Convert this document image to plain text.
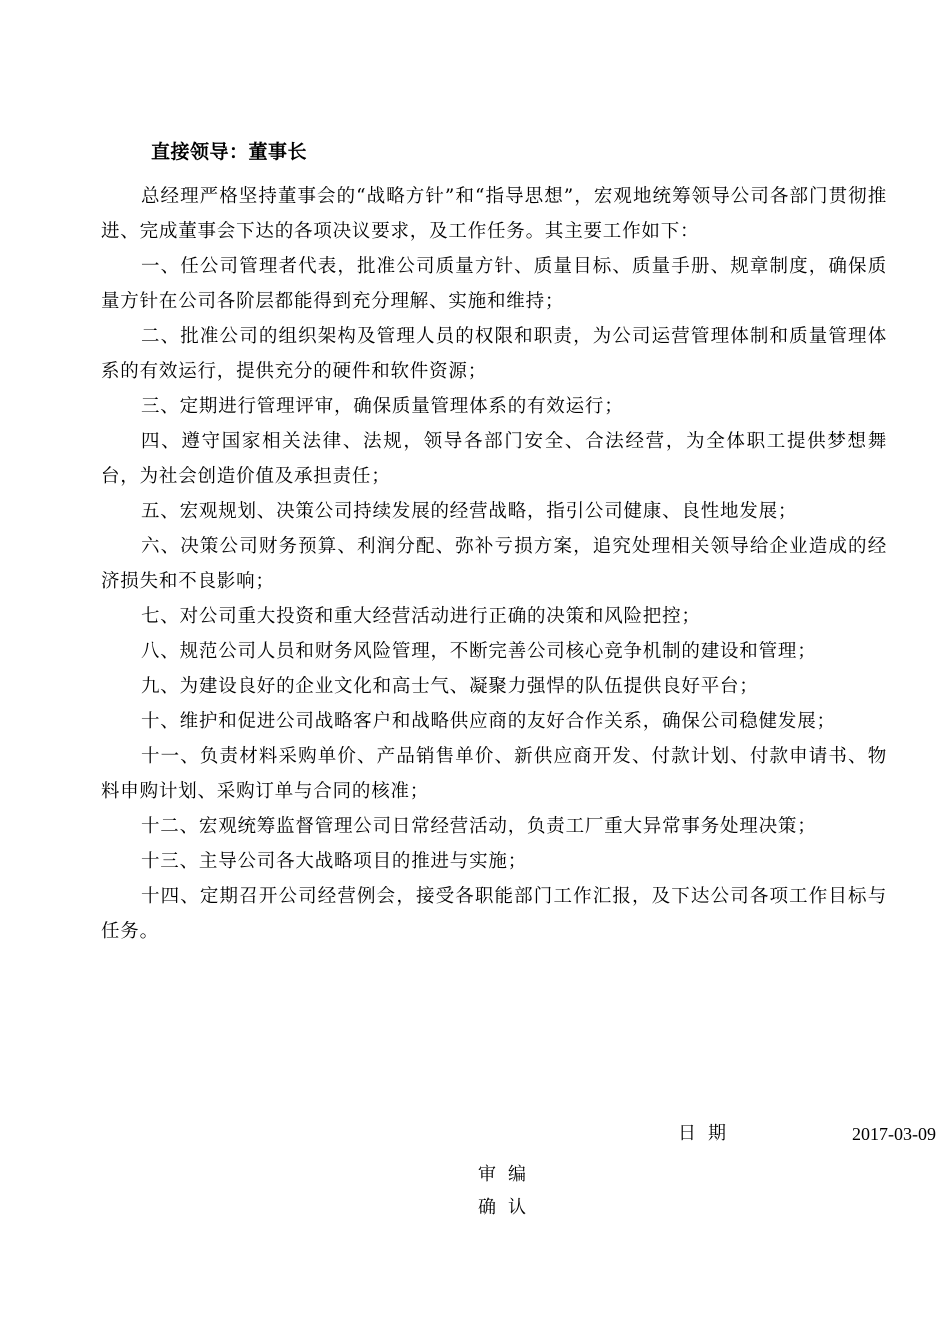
直接领导：董事长

总经理严格坚持董事会的“战略方针”和“指导思想”，宏观地统筹领导公司各部门贯彻推进、完成董事会下达的各项决议要求，及工作任务。其主要工作如下：

一、任公司管理者代表，批准公司质量方针、质量目标、质量手册、规章制度，确保质量方针在公司各阶层都能得到充分理解、实施和维持；

二、批准公司的组织架构及管理人员的权限和职责，为公司运营管理体制和质量管理体系的有效运行，提供充分的硬件和软件资源；

三、定期进行管理评审，确保质量管理体系的有效运行；

四、遵守国家相关法律、法规，领导各部门安全、合法经营，为全体职工提供梦想舞台，为社会创造价值及承担责任；

五、宏观规划、决策公司持续发展的经营战略，指引公司健康、良性地发展；

六、决策公司财务预算、利润分配、弥补亏损方案，追究处理相关领导给企业造成的经济损失和不良影响；

七、对公司重大投资和重大经营活动进行正确的决策和风险把控；

八、规范公司人员和财务风险管理，不断完善公司核心竞争机制的建设和管理；

九、为建设良好的企业文化和高士气、凝聚力强悍的队伍提供良好平台；

十、维护和促进公司战略客户和战略供应商的友好合作关系，确保公司稳健发展；

十一、负责材料采购单价、产品销售单价、新供应商开发、付款计划、付款申请书、物料申购计划、采购订单与合同的核准；

十二、宏观统筹监督管理公司日常经营活动，负责工厂重大异常事务处理决策；

十三、主导公司各大战略项目的推进与实施；

十四、定期召开公司经营例会，接受各职能部门工作汇报，及下达公司各项工作目标与任务。

日期	2017-03-09
审编
确认
